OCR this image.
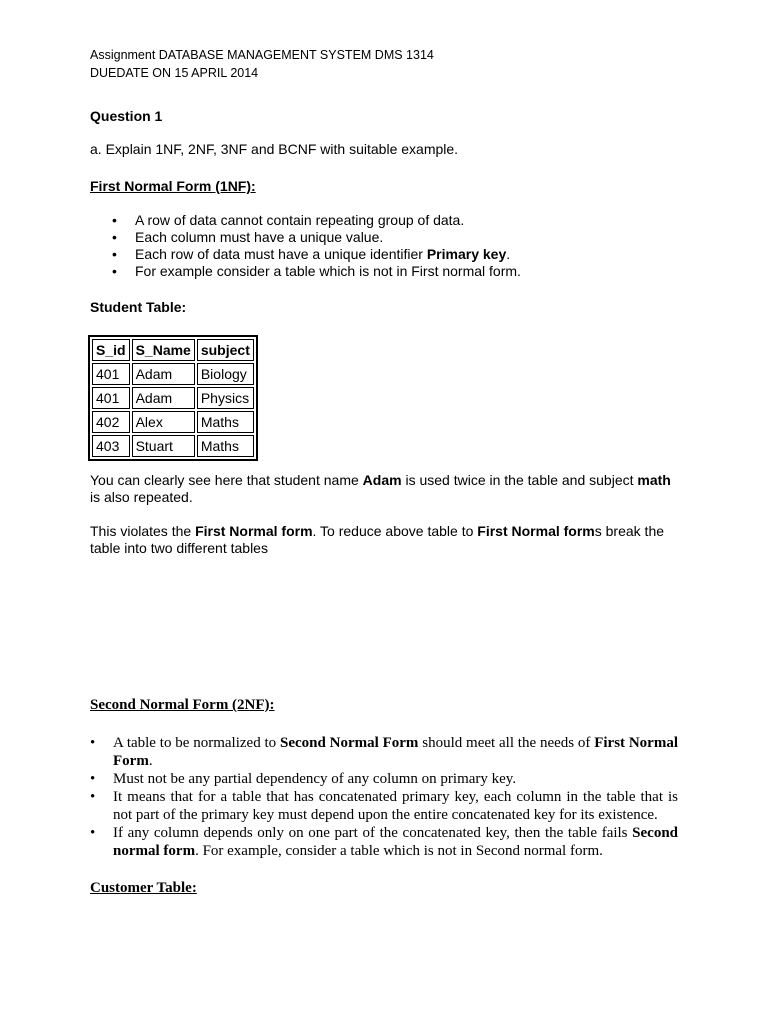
Assignment DATABASE MANAGEMENT SYSTEM DMS 1314
DUEDATE ON 15 APRIL 2014
Question 1
a. Explain 1NF, 2NF, 3NF and BCNF with suitable example.
First Normal Form (1NF):
• A row of data cannot contain repeating group of data.
• Each column must have a unique value.
• Each row of data must have a unique identifier Primary key.
• For example consider a table which is not in First normal form.
Student Table:
S_id	S_Name	subject
401	Adam	Biology
401	Adam	Physics
402	Alex	Maths
403	Stuart	Maths

You can clearly see here that student name Adam is used twice in the table and subject math is also repeated.

This violates the First Normal form. To reduce above table to First Normal forms break the table into two different tables

Second Normal Form (2NF):
• A table to be normalized to Second Normal Form should meet all the needs of First Normal Form.
• Must not be any partial dependency of any column on primary key.
• It means that for a table that has concatenated primary key, each column in the table that is not part of the primary key must depend upon the entire concatenated key for its existence.
• If any column depends only on one part of the concatenated key, then the table fails Second normal form. For example, consider a table which is not in Second normal form.
Customer Table:
